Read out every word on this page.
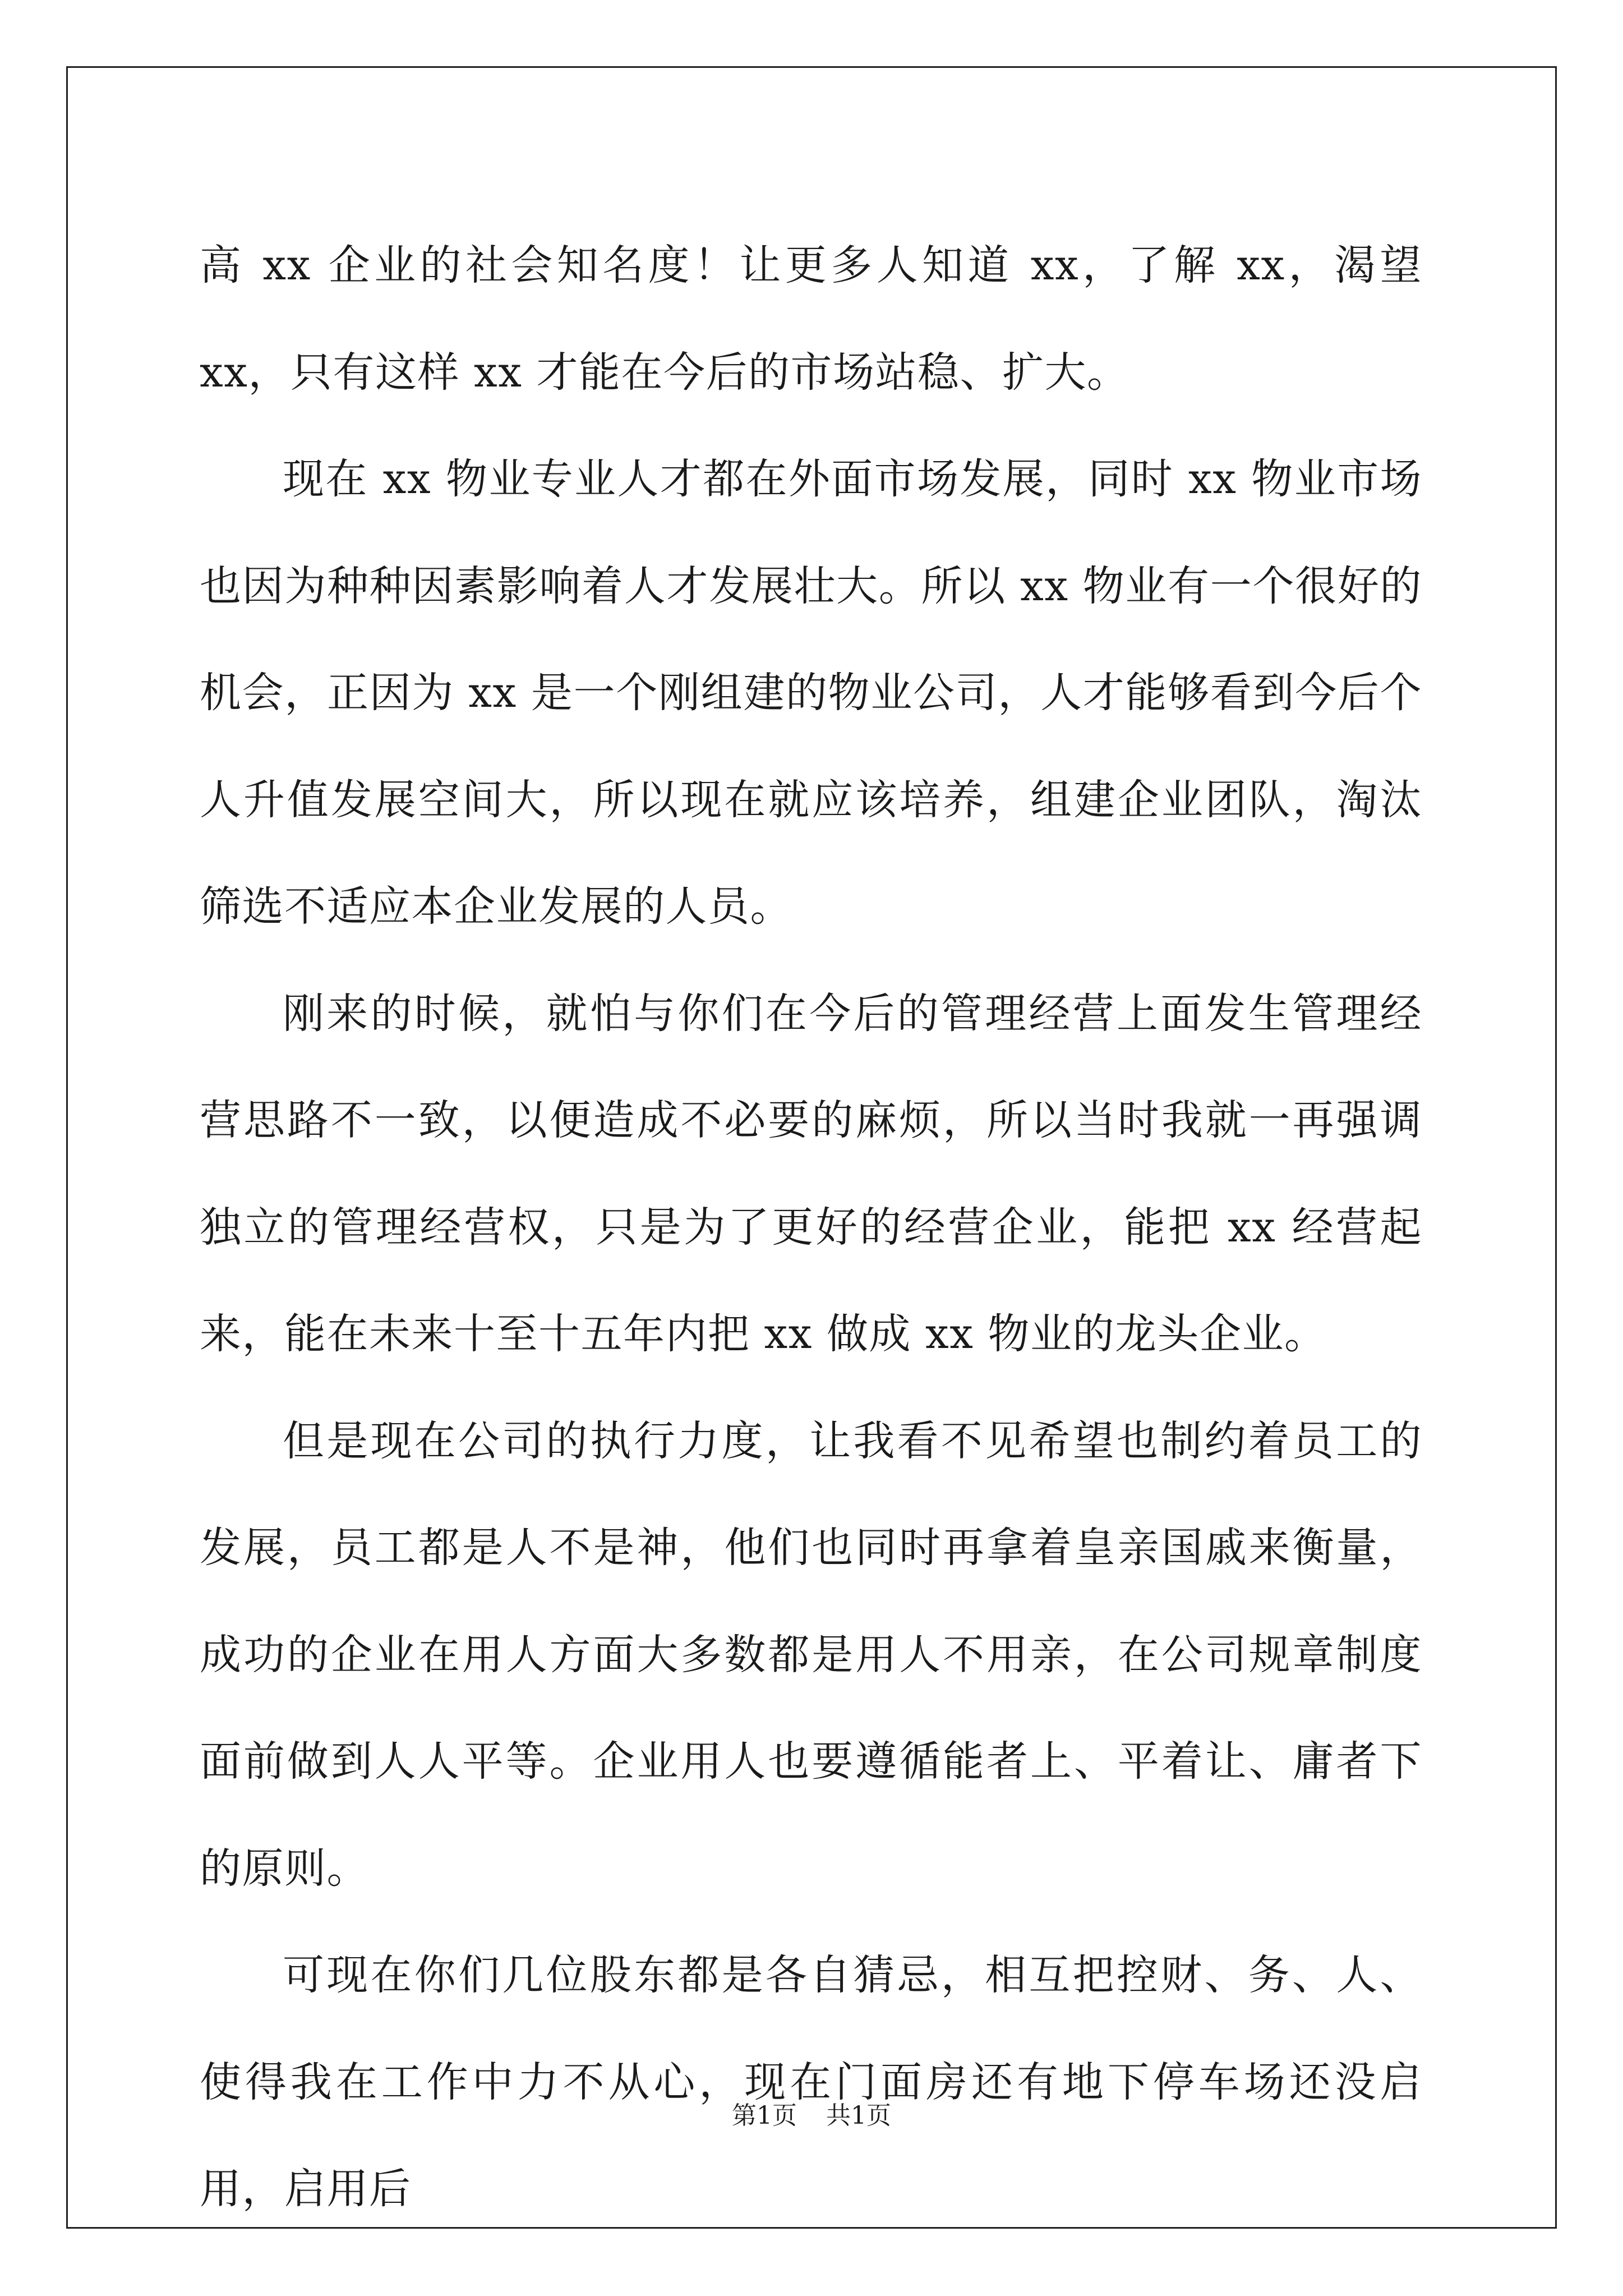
高 xx 企业的社会知名度！让更多人知道 xx，了解 xx，渴望 xx，只有这样 xx 才能在今后的市场站稳、扩大。

现在 xx 物业专业人才都在外面市场发展，同时 xx 物业市场也因为种种因素影响着人才发展壮大。所以 xx 物业有一个很好的机会，正因为 xx 是一个刚组建的物业公司，人才能够看到今后个人升值发展空间大，所以现在就应该培养，组建企业团队，淘汰筛选不适应本企业发展的人员。

刚来的时候，就怕与你们在今后的管理经营上面发生管理经营思路不一致，以便造成不必要的麻烦，所以当时我就一再强调独立的管理经营权，只是为了更好的经营企业，能把 xx 经营起来，能在未来十至十五年内把 xx 做成 xx 物业的龙头企业。

但是现在公司的执行力度，让我看不见希望也制约着员工的发展，员工都是人不是神，他们也同时再拿着皇亲国戚来衡量，成功的企业在用人方面大多数都是用人不用亲，在公司规章制度面前做到人人平等。企业用人也要遵循能者上、平着让、庸者下的原则。

可现在你们几位股东都是各自猜忌，相互把控财、务、人、使得我在工作中力不从心，现在门面房还有地下停车场还没启用，启用后

第1页 共1页
